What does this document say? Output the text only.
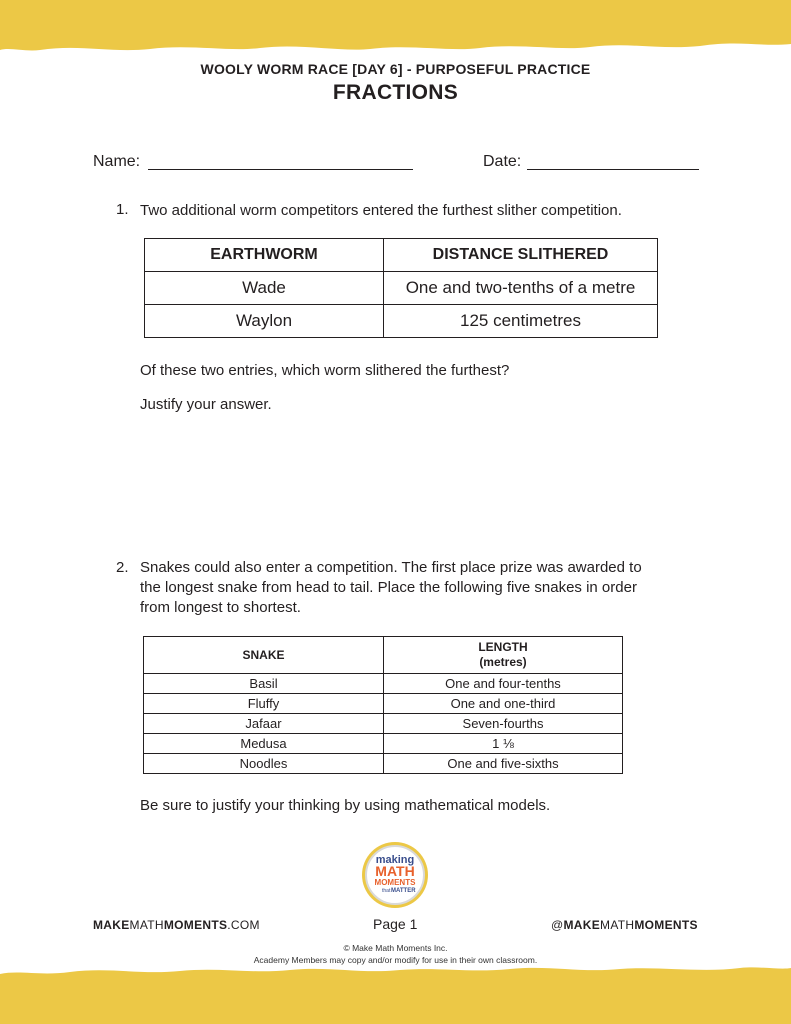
WOOLY WORM RACE [DAY 6] - PURPOSEFUL PRACTICE
FRACTIONS
Name:	Date:
1. Two additional worm competitors entered the furthest slither competition.
EARTHWORM	DISTANCE SLITHERED
Wade	One and two-tenths of a metre
Waylon	125 centimetres
Of these two entries, which worm slithered the furthest?
Justify your answer.
2. Snakes could also enter a competition. The first place prize was awarded to
the longest snake from head to tail. Place the following five snakes in order
from longest to shortest.
SNAKE	LENGTH
(metres)

Basil	One and four-tenths
Fluffy	One and one-third
Jafaar	Seven-fourths
Medusa	1 ⅛
Noodles	One and five-sixths
Be sure to justify your thinking by using mathematical models.
making
MATH
MOMENTS
that MATTER
MAKEMATHMOMENTS.COM	Page 1	@MAKEMATHMOMENTS
© Make Math Moments Inc.
Academy Members may copy and/or modify for use in their own classroom.
